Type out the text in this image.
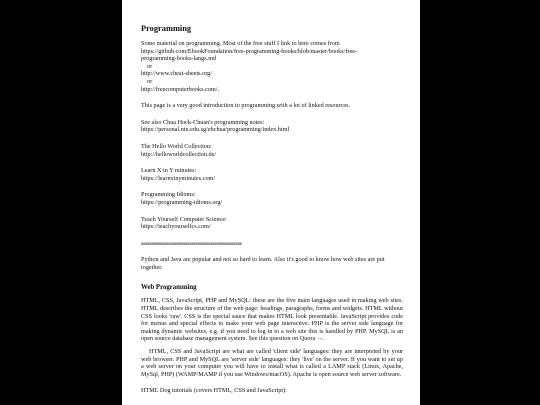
Programming

Some material on programming. Most of the free stuff I link to here comes from
https://github.com/EbookFoundation/free-programming-books/blob/master/books/free-
programming-books-langs.md
or
http://www.cheat-sheets.org/
or
http://freecomputerbooks.com/.

This page is a very good introduction to programming with a lot of linked resources.

See also Chua Hock-Chuan's programming notes:
https://personal.ntu.edu.sg/ehchua/programming/index.html

The Hello World Collection:
http://helloworldcollection.de/

Learn X in Y minutes:
https://learnxinyminutes.com/

Programming Idioms:
https://programming-idioms.org/

Teach Yourself Computer Science:
https://teachyourselfcs.com/

################################################

Python and Java are popular and not so hard to learn. Also it's good to know how web sites are put together.

Web Programming

HTML, CSS, JavaScript, PHP and MySQL: these are the five main languages used in making web sites. HTML describes the structure of the web page: headings, paragraphs, forms and widgets. HTML without CSS looks 'raw'. CSS is the special sauce that makes HTML look presentable. JavaScript provides code for menus and special effects to make your web page interactive. PHP is the server side language for making dynamic websites, e.g. if you need to log in to a web site this is handled by PHP. MySQL is an open source database management system. See this question on Quora →.

HTML, CSS and JavaScript are what are called 'client side' languages: they are interpreted by your web browser. PHP and MySQL are 'server side' languages: they 'live' on the server. If you want to set up a web server on your computer you will have to install what is called a LAMP stack (Linux, Apache, MySql, PHP) (WAMP/MAMP if you use Windows/macOS). Apache is open source web server software.

HTML Dog tutorials (covers HTML, CSS and JavaScript):
